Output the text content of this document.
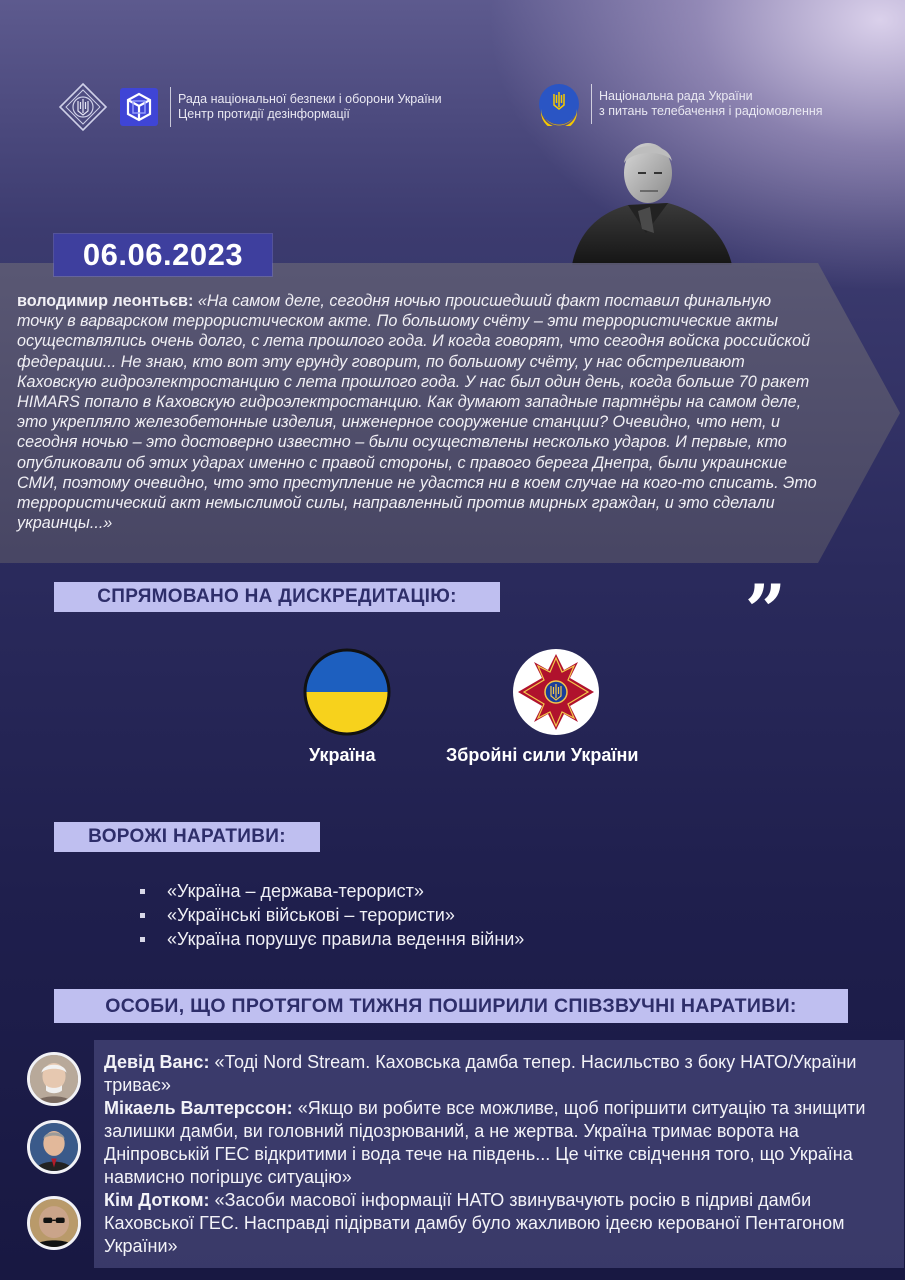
Рада національної безпеки і оборони України
Центр протидії дезінформації
Національна рада України
з питань телебачення і радіомовлення
06.06.2023
володимир леонтьєв: «На самом деле, сегодня ночью происшедший факт поставил финальную точку в варварском террористическом акте. По большому счёту – эти террористические акты осуществлялись очень долго, с лета прошлого года. И когда говорят, что сегодня войска российской федерации... Не знаю, кто вот эту ерунду говорит, по большому счёту, у нас обстреливают Каховскую гидроэлектростанцию с лета прошлого года. У нас был один день, когда больше 70 ракет HIMARS попало в Каховскую гидроэлектростанцию. Как думают западные партнёры на самом деле, это укрепляло железобетонные изделия, инженерное сооружение станции? Очевидно, что нет, и сегодня ночью – это достоверно известно – были осуществлены несколько ударов. И первые, кто опубликовали об этих ударах именно с правой стороны, с правого берега Днепра, были украинские СМИ, поэтому очевидно, что это преступление не удастся ни в коем случае на кого-то списать. Это террористический акт немыслимой силы, направленный против мирных граждан, и это сделали украинцы...»
„
СПРЯМОВАНО НА ДИСКРЕДИТАЦІЮ:
Україна	Збройні сили України
ВОРОЖІ НАРАТИВИ:
«Україна – держава-терорист»
«Українські військові – терористи»
«Україна порушує правила ведення війни»
ОСОБИ, ЩО ПРОТЯГОМ ТИЖНЯ ПОШИРИЛИ СПІВЗВУЧНІ НАРАТИВИ:
Девід Ванс: «Тоді Nord Stream. Каховська дамба тепер. Насильство з боку НАТО/України триває»
Мікаель Валтерссон: «Якщо ви робите все можливе, щоб погіршити ситуацію та знищити залишки дамби, ви головний підозрюваний, а не жертва. Україна тримає ворота на Дніпровській ГЕС відкритими і вода тече на південь... Це чітке свідчення того, що Україна навмисно погіршує ситуацію»
Кім Дотком: «Засоби масової інформації НАТО звинувачують росію в підриві дамби Каховської ГЕС. Насправді підірвати дамбу було жахливою ідеєю керованої Пентагоном України»
